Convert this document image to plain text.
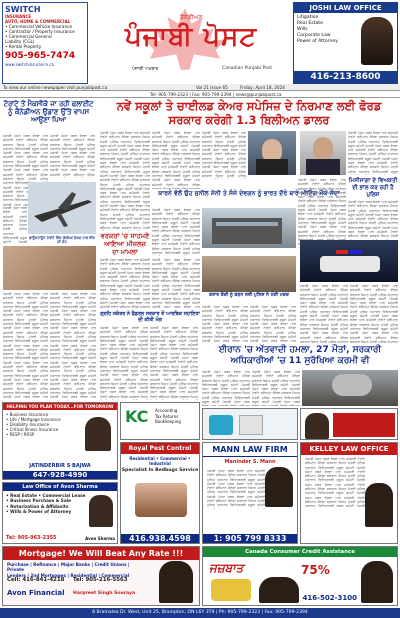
SWITCH
INSURANCE
AUTO, HOME & COMMERCIAL
• Commercial Vehicle Insurance
• Contractor / Property Insurance
• Commercial General
Liability (CGL)
• Rental Property
905-965-7474
www.switchinsurance.ca
ਕੈਨੇਡੀਅਨ
ਪੰਜਾਬੀ ਪੋਸਟ
ਪੰਜਾਬੀ ਅਖ਼ਬਾਰ	Canadian Punjabi Post
JOSHI LAW OFFICE
Litigation
Real Estate
Wills
Corporate Law
Power of Attorney
416-213-8600
To view our online newspaper visit punjabipost.ca	Vol 21 Issue 65	Friday, April 18, 2024
Tel: 905-799-2323 | Fax: 905-799-2394 | news@punjabipost.ca
ਟੋਰਾਂਟੋ ਤੋਂ ਮੈਕਸੀਕੋ ਜਾ ਰਹੀ ਫਲਾਈਟ ਨੂੰ ਕੈਨੇਡੀਅਨ ਉਡਾਣ ਉੱਤੇ ਵਾਪਸ ਆਉਣਾ ਪਿਆ
ਪੰਜਾਬੀ ਪੋਸਟ ਖ਼ਬਰ ਵੇਰਵਾ ਪਾਠ ਸਮੱਗਰੀ ਟੋਰਾਂਟੋ ਬਰੈਂਪਟਨ ਕੈਨੇਡਾ ਸਰਕਾਰ ਸਿਹਤ ਮੰਤਰੀ ਪੁਲਿਸ ਅਦਾਲਤ ਵਿਦਿਆਰਥੀ ਸਕੂਲ ਕਮੇਟੀ ਪੰਜਾਬੀ ਪੋਸਟ ਖ਼ਬਰ ਵੇਰਵਾ ਪਾਠ ਸਮੱਗਰੀ ਟੋਰਾਂਟੋ ਬਰੈਂਪਟਨ ਕੈਨੇਡਾ ਸਰਕਾਰ ਸਿਹਤ ਮੰਤਰੀ ਪੁਲਿਸ ਅਦਾਲਤ ਵਿਦਿਆਰਥੀ ਸਕੂਲ ਕਮੇਟੀ ਪੰਜਾਬੀ ਪੋਸਟ ਖ਼ਬਰ ਵੇਰਵਾ ਪਾਠ ਸਮੱਗਰੀ ਟੋਰਾਂਟੋ ਬਰੈਂਪਟਨ ਕੈਨੇਡਾ ਸਰਕਾਰ ਸਿਹਤ ਮੰਤਰੀ ਪੁਲਿਸ ਅਦਾਲਤ ਵਿਦਿਆਰਥੀ ਸਕੂਲ ਕਮੇਟੀ ਪੰਜਾਬੀ ਪੋਸਟ ਖ਼ਬਰ ਵੇਰਵਾ ਪਾਠ ਸਮੱਗਰੀ ਟੋਰਾਂਟੋ ਬਰੈਂਪਟਨ ਕੈਨੇਡਾ ਸਰਕਾਰ ਸਿਹਤ ਮੰਤਰੀ ਪੁਲਿਸ ਅਦਾਲਤ ਵਿਦਿਆਰਥੀ ਸਕੂਲ ਕਮੇਟੀ ਪੰਜਾਬੀ ਪੋਸਟ ਖ਼ਬਰ ਵੇਰਵਾ ਪਾਠ ਸਮੱਗਰੀ ਟੋਰਾਂਟੋ ਬਰੈਂਪਟਨ ਕੈਨੇਡਾ ਸਰਕਾਰ ਸਿਹਤ ਮੰਤਰੀ ਪੁਲਿਸ ਅਦਾਲਤ ਵਿਦਿਆਰਥੀ ਸਕੂਲ ਕਮੇਟੀ ਪੰਜਾਬੀ ਪੋਸਟ ਖ਼ਬਰ ਵੇਰਵਾ ਪਾਠ ਸਮੱਗਰੀ ਟੋਰਾਂਟੋ ਬਰੈਂਪਟਨ ਕੈਨੇਡਾ ਸਰਕਾਰ ਸਿਹਤ ਮੰਤਰੀ ਪੁਲਿਸ ਅਦਾਲਤ ਵਿਦਿਆਰਥੀ ਸਕੂਲ ਕਮੇਟੀ ਪੰਜਾਬੀ ਪੋਸਟ ਖ਼ਬਰ ਵੇਰਵਾ ਪਾਠ ਸਮੱਗਰੀ ਟੋਰਾਂਟੋ ਬਰੈਂਪਟਨ ਕੈਨੇਡਾ ਸਰਕਾਰ ਸਿਹਤ ਮੰਤਰੀ ਪੁਲਿਸ ਅਦਾਲਤ ਵਿਦਿਆਰਥੀ ਸਕੂਲ ਕਮੇਟੀ
ਪੰਜਾਬੀ ਪੋਸਟ ਖ਼ਬਰ ਵੇਰਵਾ ਪਾਠ ਸਮੱਗਰੀ ਟੋਰਾਂਟੋ ਬਰੈਂਪਟਨ ਕੈਨੇਡਾ ਸਰਕਾਰ ਸਿਹਤ ਮੰਤਰੀ ਪੁਲਿਸ ਅਦਾਲਤ ਵਿਦਿਆਰਥੀ ਸਕੂਲ ਕਮੇਟੀ ਪੰਜਾਬੀ ਪੋਸਟ ਖ਼ਬਰ ਵੇਰਵਾ ਪਾਠ ਸਮੱਗਰੀ ਟੋਰਾਂਟੋ ਬਰੈਂਪਟਨ ਕੈਨੇਡਾ ਸਰਕਾਰ ਸਿਹਤ ਮੰਤਰੀ ਪੁਲਿਸ ਅਦਾਲਤ ਵਿਦਿਆਰਥੀ ਸਕੂਲ ਕਮੇਟੀ ਪੰਜਾਬੀ ਪੋਸਟ ਖ਼ਬਰ ਵੇਰਵਾ ਪਾਠ ਸਮੱਗਰੀ ਟੋਰਾਂਟੋ ਬਰੈਂਪਟਨ ਕੈਨੇਡਾ ਸਰਕਾਰ ਸਿਹਤ ਮੰਤਰੀ ਪੁਲਿਸ ਅਦਾਲਤ ਵਿਦਿਆਰਥੀ ਸਕੂਲ ਕਮੇਟੀ ਪੰਜਾਬੀ ਪੋਸਟ ਖ਼ਬਰ ਵੇਰਵਾ ਪਾਠ ਸਮੱਗਰੀ ਟੋਰਾਂਟੋ ਬਰੈਂਪਟਨ ਕੈਨੇਡਾ ਸਰਕਾਰ ਸਿਹਤ ਮੰਤਰੀ ਪੁਲਿਸ ਅਦਾਲਤ ਵਿਦਿਆਰਥੀ ਸਕੂਲ ਕਮੇਟੀ ਪੰਜਾਬੀ ਪੋਸਟ ਖ਼ਬਰ ਵੇਰਵਾ ਪਾਠ ਸਮੱਗਰੀ ਟੋਰਾਂਟੋ ਬਰੈਂਪਟਨ ਕੈਨੇਡਾ ਸਰਕਾਰ ਸਿਹਤ ਮੰਤਰੀ ਪੁਲਿਸ ਅਦਾਲਤ ਵਿਦਿਆਰਥੀ ਸਕੂਲ ਕਮੇਟੀ ਪੰਜਾਬੀ ਪੋਸਟ ਖ਼ਬਰ ਵੇਰਵਾ ਪਾਠ ਸਮੱਗਰੀ ਟੋਰਾਂਟੋ ਬਰੈਂਪਟਨ ਕੈਨੇਡਾ ਸਰਕਾਰ ਸਿਹਤ ਮੰਤਰੀ ਪੁਲਿਸ ਅਦਾਲਤ ਵਿਦਿਆਰਥੀ ਸਕੂਲ ਕਮੇਟੀ ਪੰਜਾਬੀ ਪੋਸਟ ਖ਼ਬਰ ਵੇਰਵਾ ਪਾਠ ਸਮੱਗਰੀ ਟੋਰਾਂਟੋ ਬਰੈਂਪਟਨ ਕੈਨੇਡਾ ਸਰਕਾਰ ਸਿਹਤ ਮੰਤਰੀ ਪੁਲਿਸ ਅਦਾਲਤ ਵਿਦਿਆਰਥੀ ਸਕੂਲ ਕਮੇਟੀ
ਪੰਜਾਬੀ ਪੋਸਟ ਖ਼ਬਰ ਵੇਰਵਾ ਪਾਠ ਸਮੱਗਰੀ ਟੋਰਾਂਟੋ ਬਰੈਂਪਟਨ ਕੈਨੇਡਾ ਸਰਕਾਰ ਸਿਹਤ ਮੰਤਰੀ ਪੁਲਿਸ ਅਦਾਲਤ ਵਿਦਿਆਰਥੀ ਸਕੂਲ ਕਮੇਟੀ ਪੰਜਾਬੀ ਪੋਸਟ ਖ਼ਬਰ ਵੇਰਵਾ ਪਾਠ ਸਮੱਗਰੀ ਟੋਰਾਂਟੋ ਬਰੈਂਪਟਨ ਕੈਨੇਡਾ ਸਰਕਾਰ ਸਿਹਤ ਮੰਤਰੀ ਪੁਲਿਸ ਅਦਾਲਤ ਵਿਦਿਆਰਥੀ ਸਕੂਲ ਕਮੇਟੀ ਪੰਜਾਬੀ ਪੋਸਟ ਖ਼ਬਰ ਵੇਰਵਾ ਪਾਠ ਸਮੱਗਰੀ ਟੋਰਾਂਟੋ ਬਰੈਂਪਟਨ ਕੈਨੇਡਾ ਸਰਕਾਰ ਸਿਹਤ ਮੰਤਰੀ ਪੁਲਿਸ ਅਦਾਲਤ ਵਿਦਿਆਰਥੀ ਸਕੂਲ ਕਮੇਟੀ ਪੰਜਾਬੀ ਪੋਸਟ ਖ਼ਬਰ ਵੇਰਵਾ ਪਾਠ ਸਮੱਗਰੀ ਟੋਰਾਂਟੋ ਬਰੈਂਪਟਨ ਕੈਨੇਡਾ ਸਰਕਾਰ ਸਿਹਤ ਮੰਤਰੀ ਪੁਲਿਸ ਅਦਾਲਤ ਵਿਦਿਆਰਥੀ ਸਕੂਲ ਕਮੇਟੀ ਪੰਜਾਬੀ ਪੋਸਟ ਖ਼ਬਰ ਵੇਰਵਾ ਪਾਠ ਸਮੱਗਰੀ ਟੋਰਾਂਟੋ ਬਰੈਂਪਟਨ ਕੈਨੇਡਾ ਸਰਕਾਰ ਸਿਹਤ ਮੰਤਰੀ ਪੁਲਿਸ ਅਦਾਲਤ ਵਿਦਿਆਰਥੀ ਸਕੂਲ ਕਮੇਟੀ ਪੰਜਾਬੀ ਪੋਸਟ ਖ਼ਬਰ ਵੇਰਵਾ ਪਾਠ ਸਮੱਗਰੀ ਟੋਰਾਂਟੋ ਬਰੈਂਪਟਨ ਕੈਨੇਡਾ ਸਰਕਾਰ ਸਿਹਤ ਮੰਤਰੀ ਪੁਲਿਸ ਅਦਾਲਤ ਵਿਦਿਆਰਥੀ ਸਕੂਲ ਕਮੇਟੀ ਪੰਜਾਬੀ ਪੋਸਟ ਖ਼ਬਰ ਵੇਰਵਾ ਪਾਠ ਸਮੱਗਰੀ ਟੋਰਾਂਟੋ ਬਰੈਂਪਟਨ ਕੈਨੇਡਾ ਸਰਕਾਰ ਸਿਹਤ ਮੰਤਰੀ ਪੁਲਿਸ ਅਦਾਲਤ ਵਿਦਿਆਰਥੀ ਸਕੂਲ ਕਮੇਟੀ
ਡਾਊਨਟਾਊਨ ਟੋਰਾਂਟੋ ਵਿੱਚ ਗੋਲੀਆਂ ਚੱਲਣ ਨਾਲ ਇੱਕ ਦੀ ਮੌਤ
ਪੰਜਾਬੀ ਪੋਸਟ ਖ਼ਬਰ ਵੇਰਵਾ ਪਾਠ ਸਮੱਗਰੀ ਟੋਰਾਂਟੋ ਬਰੈਂਪਟਨ ਕੈਨੇਡਾ ਸਰਕਾਰ ਸਿਹਤ ਮੰਤਰੀ ਪੁਲਿਸ ਅਦਾਲਤ ਵਿਦਿਆਰਥੀ ਸਕੂਲ ਕਮੇਟੀ ਪੰਜਾਬੀ ਪੋਸਟ ਖ਼ਬਰ ਵੇਰਵਾ ਪਾਠ ਸਮੱਗਰੀ ਟੋਰਾਂਟੋ ਬਰੈਂਪਟਨ ਕੈਨੇਡਾ ਸਰਕਾਰ ਸਿਹਤ ਮੰਤਰੀ ਪੁਲਿਸ ਅਦਾਲਤ ਵਿਦਿਆਰਥੀ ਸਕੂਲ ਕਮੇਟੀ ਪੰਜਾਬੀ ਪੋਸਟ ਖ਼ਬਰ ਵੇਰਵਾ ਪਾਠ ਸਮੱਗਰੀ ਟੋਰਾਂਟੋ ਬਰੈਂਪਟਨ ਕੈਨੇਡਾ ਸਰਕਾਰ ਸਿਹਤ ਮੰਤਰੀ ਪੁਲਿਸ ਅਦਾਲਤ ਵਿਦਿਆਰਥੀ ਸਕੂਲ ਕਮੇਟੀ ਪੰਜਾਬੀ ਪੋਸਟ ਖ਼ਬਰ ਵੇਰਵਾ ਪਾਠ ਸਮੱਗਰੀ ਟੋਰਾਂਟੋ ਬਰੈਂਪਟਨ ਕੈਨੇਡਾ ਸਰਕਾਰ ਸਿਹਤ ਮੰਤਰੀ ਪੁਲਿਸ ਅਦਾਲਤ ਵਿਦਿਆਰਥੀ ਸਕੂਲ ਕਮੇਟੀ ਪੰਜਾਬੀ ਪੋਸਟ ਖ਼ਬਰ ਵੇਰਵਾ ਪਾਠ ਸਮੱਗਰੀ ਟੋਰਾਂਟੋ ਬਰੈਂਪਟਨ ਕੈਨੇਡਾ ਸਰਕਾਰ ਸਿਹਤ ਮੰਤਰੀ ਪੁਲਿਸ ਅਦਾਲਤ ਵਿਦਿਆਰਥੀ ਸਕੂਲ ਕਮੇਟੀ ਪੰਜਾਬੀ ਪੋਸਟ ਖ਼ਬਰ ਵੇਰਵਾ ਪਾਠ ਸਮੱਗਰੀ ਟੋਰਾਂਟੋ ਬਰੈਂਪਟਨ ਕੈਨੇਡਾ ਸਰਕਾਰ ਸਿਹਤ ਮੰਤਰੀ ਪੁਲਿਸ ਅਦਾਲਤ ਵਿਦਿਆਰਥੀ ਸਕੂਲ ਕਮੇਟੀ ਪੰਜਾਬੀ ਪੋਸਟ ਖ਼ਬਰ ਵੇਰਵਾ ਪਾਠ ਸਮੱਗਰੀ ਟੋਰਾਂਟੋ ਬਰੈਂਪਟਨ ਕੈਨੇਡਾ ਸਰਕਾਰ ਸਿਹਤ ਮੰਤਰੀ ਪੁਲਿਸ ਅਦਾਲਤ ਵਿਦਿਆਰਥੀ ਸਕੂਲ ਕਮੇਟੀ
ਪੰਜਾਬੀ ਪੋਸਟ ਖ਼ਬਰ ਵੇਰਵਾ ਪਾਠ ਸਮੱਗਰੀ ਟੋਰਾਂਟੋ ਬਰੈਂਪਟਨ ਕੈਨੇਡਾ ਸਰਕਾਰ ਸਿਹਤ ਮੰਤਰੀ ਪੁਲਿਸ ਅਦਾਲਤ ਵਿਦਿਆਰਥੀ ਸਕੂਲ ਕਮੇਟੀ ਪੰਜਾਬੀ ਪੋਸਟ ਖ਼ਬਰ ਵੇਰਵਾ ਪਾਠ ਸਮੱਗਰੀ ਟੋਰਾਂਟੋ ਬਰੈਂਪਟਨ ਕੈਨੇਡਾ ਸਰਕਾਰ ਸਿਹਤ ਮੰਤਰੀ ਪੁਲਿਸ ਅਦਾਲਤ ਵਿਦਿਆਰਥੀ ਸਕੂਲ ਕਮੇਟੀ ਪੰਜਾਬੀ ਪੋਸਟ ਖ਼ਬਰ ਵੇਰਵਾ ਪਾਠ ਸਮੱਗਰੀ ਟੋਰਾਂਟੋ ਬਰੈਂਪਟਨ ਕੈਨੇਡਾ ਸਰਕਾਰ ਸਿਹਤ ਮੰਤਰੀ ਪੁਲਿਸ ਅਦਾਲਤ ਵਿਦਿਆਰਥੀ ਸਕੂਲ ਕਮੇਟੀ ਪੰਜਾਬੀ ਪੋਸਟ ਖ਼ਬਰ ਵੇਰਵਾ ਪਾਠ ਸਮੱਗਰੀ ਟੋਰਾਂਟੋ ਬਰੈਂਪਟਨ ਕੈਨੇਡਾ ਸਰਕਾਰ ਸਿਹਤ ਮੰਤਰੀ ਪੁਲਿਸ ਅਦਾਲਤ ਵਿਦਿਆਰਥੀ ਸਕੂਲ ਕਮੇਟੀ ਪੰਜਾਬੀ ਪੋਸਟ ਖ਼ਬਰ ਵੇਰਵਾ ਪਾਠ ਸਮੱਗਰੀ ਟੋਰਾਂਟੋ ਬਰੈਂਪਟਨ ਕੈਨੇਡਾ ਸਰਕਾਰ ਸਿਹਤ ਮੰਤਰੀ ਪੁਲਿਸ ਅਦਾਲਤ ਵਿਦਿਆਰਥੀ ਸਕੂਲ ਕਮੇਟੀ ਪੰਜਾਬੀ ਪੋਸਟ ਖ਼ਬਰ ਵੇਰਵਾ ਪਾਠ ਸਮੱਗਰੀ ਟੋਰਾਂਟੋ ਬਰੈਂਪਟਨ ਕੈਨੇਡਾ ਸਰਕਾਰ ਸਿਹਤ ਮੰਤਰੀ ਪੁਲਿਸ ਅਦਾਲਤ ਵਿਦਿਆਰਥੀ ਸਕੂਲ ਕਮੇਟੀ ਪੰਜਾਬੀ ਪੋਸਟ ਖ਼ਬਰ ਵੇਰਵਾ ਪਾਠ ਸਮੱਗਰੀ ਟੋਰਾਂਟੋ ਬਰੈਂਪਟਨ ਕੈਨੇਡਾ ਸਰਕਾਰ ਸਿਹਤ ਮੰਤਰੀ ਪੁਲਿਸ ਅਦਾਲਤ ਵਿਦਿਆਰਥੀ ਸਕੂਲ ਕਮੇਟੀ
ਨਵੇਂ ਸਕੂਲਾਂ ਤੇ ਚਾਈਲਡ ਕੇਅਰ ਸਪੇਸਿਜ਼ ਦੇ ਨਿਰਮਾਣ ਲਈ ਫੋਰਡ ਸਰਕਾਰ ਕਰੇਗੀ 1.3 ਬਿਲੀਅਨ ਡਾਲਰ
ਪੰਜਾਬੀ ਪੋਸਟ ਖ਼ਬਰ ਵੇਰਵਾ ਪਾਠ ਸਮੱਗਰੀ ਟੋਰਾਂਟੋ ਬਰੈਂਪਟਨ ਕੈਨੇਡਾ ਸਰਕਾਰ ਸਿਹਤ ਮੰਤਰੀ ਪੁਲਿਸ ਅਦਾਲਤ ਵਿਦਿਆਰਥੀ ਸਕੂਲ ਕਮੇਟੀ ਪੰਜਾਬੀ ਪੋਸਟ ਖ਼ਬਰ ਵੇਰਵਾ ਪਾਠ ਸਮੱਗਰੀ ਟੋਰਾਂਟੋ ਬਰੈਂਪਟਨ ਕੈਨੇਡਾ ਸਰਕਾਰ ਸਿਹਤ ਮੰਤਰੀ ਪੁਲਿਸ ਅਦਾਲਤ ਵਿਦਿਆਰਥੀ ਸਕੂਲ ਕਮੇਟੀ ਪੰਜਾਬੀ ਪੋਸਟ ਖ਼ਬਰ ਵੇਰਵਾ ਪਾਠ ਸਮੱਗਰੀ ਟੋਰਾਂਟੋ ਬਰੈਂਪਟਨ ਕੈਨੇਡਾ ਸਰਕਾਰ ਸਿਹਤ ਮੰਤਰੀ ਪੁਲਿਸ ਅਦਾਲਤ ਵਿਦਿਆਰਥੀ ਸਕੂਲ ਕਮੇਟੀ ਪੰਜਾਬੀ ਪੋਸਟ ਖ਼ਬਰ ਵੇਰਵਾ ਪਾਠ ਸਮੱਗਰੀ ਟੋਰਾਂਟੋ ਬਰੈਂਪਟਨ ਕੈਨੇਡਾ ਸਰਕਾਰ ਸਿਹਤ ਮੰਤਰੀ ਪੁਲਿਸ ਅਦਾਲਤ ਵਿਦਿਆਰਥੀ ਸਕੂਲ ਕਮੇਟੀ ਪੰਜਾਬੀ ਪੋਸਟ ਖ਼ਬਰ ਵੇਰਵਾ ਪਾਠ ਸਮੱਗਰੀ ਟੋਰਾਂਟੋ ਬਰੈਂਪਟਨ ਕੈਨੇਡਾ ਸਰਕਾਰ ਸਿਹਤ ਮੰਤਰੀ ਪੁਲਿਸ ਅਦਾਲਤ ਵਿਦਿਆਰਥੀ ਸਕੂਲ ਕਮੇਟੀ ਪੰਜਾਬੀ ਪੋਸਟ ਖ਼ਬਰ ਵੇਰਵਾ ਪਾਠ ਸਮੱਗਰੀ ਟੋਰਾਂਟੋ ਬਰੈਂਪਟਨ ਕੈਨੇਡਾ ਸਰਕਾਰ ਸਿਹਤ ਮੰਤਰੀ ਪੁਲਿਸ ਅਦਾਲਤ ਵਿਦਿਆਰਥੀ ਸਕੂਲ ਕਮੇਟੀ ਪੰਜਾਬੀ ਪੋਸਟ ਖ਼ਬਰ ਵੇਰਵਾ ਪਾਠ ਸਮੱਗਰੀ ਟੋਰਾਂਟੋ ਬਰੈਂਪਟਨ ਕੈਨੇਡਾ ਸਰਕਾਰ ਸਿਹਤ ਮੰਤਰੀ ਪੁਲਿਸ ਅਦਾਲਤ ਵਿਦਿਆਰਥੀ ਸਕੂਲ ਕਮੇਟੀ
ਪੰਜਾਬੀ ਪੋਸਟ ਖ਼ਬਰ ਵੇਰਵਾ ਪਾਠ ਸਮੱਗਰੀ ਟੋਰਾਂਟੋ ਬਰੈਂਪਟਨ ਕੈਨੇਡਾ ਸਰਕਾਰ ਸਿਹਤ ਮੰਤਰੀ ਪੁਲਿਸ ਅਦਾਲਤ ਵਿਦਿਆਰਥੀ ਸਕੂਲ ਕਮੇਟੀ ਪੰਜਾਬੀ ਪੋਸਟ ਖ਼ਬਰ ਵੇਰਵਾ ਪਾਠ ਸਮੱਗਰੀ ਟੋਰਾਂਟੋ ਬਰੈਂਪਟਨ ਕੈਨੇਡਾ ਸਰਕਾਰ ਸਿਹਤ ਮੰਤਰੀ ਪੁਲਿਸ ਅਦਾਲਤ ਵਿਦਿਆਰਥੀ ਸਕੂਲ ਕਮੇਟੀ ਪੰਜਾਬੀ ਪੋਸਟ ਖ਼ਬਰ ਵੇਰਵਾ ਪਾਠ ਸਮੱਗਰੀ ਟੋਰਾਂਟੋ ਬਰੈਂਪਟਨ ਕੈਨੇਡਾ ਸਰਕਾਰ ਸਿਹਤ ਮੰਤਰੀ ਪੁਲਿਸ ਅਦਾਲਤ ਵਿਦਿਆਰਥੀ ਸਕੂਲ ਕਮੇਟੀ ਪੰਜਾਬੀ ਪੋਸਟ ਖ਼ਬਰ ਵੇਰਵਾ ਪਾਠ ਸਮੱਗਰੀ ਟੋਰਾਂਟੋ ਬਰੈਂਪਟਨ ਕੈਨੇਡਾ ਸਰਕਾਰ ਸਿਹਤ ਮੰਤਰੀ ਪੁਲਿਸ ਅਦਾਲਤ ਵਿਦਿਆਰਥੀ ਸਕੂਲ ਕਮੇਟੀ ਪੰਜਾਬੀ ਪੋਸਟ ਖ਼ਬਰ ਵੇਰਵਾ ਪਾਠ ਸਮੱਗਰੀ ਟੋਰਾਂਟੋ ਬਰੈਂਪਟਨ ਕੈਨੇਡਾ ਸਰਕਾਰ ਸਿਹਤ ਮੰਤਰੀ ਪੁਲਿਸ ਅਦਾਲਤ ਵਿਦਿਆਰਥੀ ਸਕੂਲ ਕਮੇਟੀ ਪੰਜਾਬੀ ਪੋਸਟ ਖ਼ਬਰ ਵੇਰਵਾ ਪਾਠ ਸਮੱਗਰੀ ਟੋਰਾਂਟੋ ਬਰੈਂਪਟਨ ਕੈਨੇਡਾ ਸਰਕਾਰ ਸਿਹਤ ਮੰਤਰੀ ਪੁਲਿਸ ਅਦਾਲਤ ਵਿਦਿਆਰਥੀ ਸਕੂਲ ਕਮੇਟੀ ਪੰਜਾਬੀ ਪੋਸਟ ਖ਼ਬਰ ਵੇਰਵਾ ਪਾਠ ਸਮੱਗਰੀ ਟੋਰਾਂਟੋ ਬਰੈਂਪਟਨ ਕੈਨੇਡਾ ਸਰਕਾਰ ਸਿਹਤ ਮੰਤਰੀ ਪੁਲਿਸ ਅਦਾਲਤ ਵਿਦਿਆਰਥੀ ਸਕੂਲ ਕਮੇਟੀ
ਪੰਜਾਬੀ ਪੋਸਟ ਖ਼ਬਰ ਵੇਰਵਾ ਪਾਠ ਸਮੱਗਰੀ ਟੋਰਾਂਟੋ ਬਰੈਂਪਟਨ ਕੈਨੇਡਾ ਸਰਕਾਰ ਸਿਹਤ ਮੰਤਰੀ ਪੁਲਿਸ ਅਦਾਲਤ ਵਿਦਿਆਰਥੀ ਸਕੂਲ ਕਮੇਟੀ ਪੰਜਾਬੀ ਪੋਸਟ ਖ਼ਬਰ ਵੇਰਵਾ ਪਾਠ ਸਮੱਗਰੀ ਟੋਰਾਂਟੋ ਬਰੈਂਪਟਨ ਕੈਨੇਡਾ ਸਰਕਾਰ ਸਿਹਤ ਮੰਤਰੀ ਪੁਲਿਸ ਅਦਾਲਤ ਵਿਦਿਆਰਥੀ ਸਕੂਲ ਕਮੇਟੀ ਪੰਜਾਬੀ ਪੋਸਟ ਖ਼ਬਰ ਵੇਰਵਾ ਪਾਠ ਸਮੱਗਰੀ ਟੋਰਾਂਟੋ ਬਰੈਂਪਟਨ ਕੈਨੇਡਾ ਸਰਕਾਰ ਸਿਹਤ ਮੰਤਰੀ ਪੁਲਿਸ ਅਦਾਲਤ ਵਿਦਿਆਰਥੀ ਸਕੂਲ ਕਮੇਟੀ ਪੰਜਾਬੀ ਪੋਸਟ ਖ਼ਬਰ ਵੇਰਵਾ ਪਾਠ ਸਮੱਗਰੀ ਟੋਰਾਂਟੋ ਬਰੈਂਪਟਨ ਕੈਨੇਡਾ ਸਰਕਾਰ ਸਿਹਤ ਮੰਤਰੀ ਪੁਲਿਸ ਅਦਾਲਤ ਵਿਦਿਆਰਥੀ ਸਕੂਲ ਕਮੇਟੀ ਪੰਜਾਬੀ ਪੋਸਟ ਖ਼ਬਰ ਵੇਰਵਾ ਪਾਠ ਸਮੱਗਰੀ ਟੋਰਾਂਟੋ ਬਰੈਂਪਟਨ ਕੈਨੇਡਾ ਸਰਕਾਰ ਸਿਹਤ ਮੰਤਰੀ ਪੁਲਿਸ ਅਦਾਲਤ ਵਿਦਿਆਰਥੀ ਸਕੂਲ ਕਮੇਟੀ ਪੰਜਾਬੀ ਪੋਸਟ ਖ਼ਬਰ ਵੇਰਵਾ ਪਾਠ ਸਮੱਗਰੀ ਟੋਰਾਂਟੋ ਬਰੈਂਪਟਨ ਕੈਨੇਡਾ ਸਰਕਾਰ ਸਿਹਤ ਮੰਤਰੀ ਪੁਲਿਸ ਅਦਾਲਤ ਵਿਦਿਆਰਥੀ ਸਕੂਲ ਕਮੇਟੀ ਪੰਜਾਬੀ ਪੋਸਟ ਖ਼ਬਰ ਵੇਰਵਾ ਪਾਠ ਸਮੱਗਰੀ ਟੋਰਾਂਟੋ ਬਰੈਂਪਟਨ ਕੈਨੇਡਾ ਸਰਕਾਰ ਸਿਹਤ ਮੰਤਰੀ ਪੁਲਿਸ ਅਦਾਲਤ ਵਿਦਿਆਰਥੀ ਸਕੂਲ ਕਮੇਟੀ
ਪੰਜਾਬੀ ਪੋਸਟ ਖ਼ਬਰ ਵੇਰਵਾ ਪਾਠ ਸਮੱਗਰੀ ਟੋਰਾਂਟੋ ਬਰੈਂਪਟਨ ਕੈਨੇਡਾ ਸਰਕਾਰ ਸਿਹਤ ਮੰਤਰੀ ਪੁਲਿਸ ਅਦਾਲਤ ਵਿਦਿਆਰਥੀ ਸਕੂਲ ਕਮੇਟੀ ਪੰਜਾਬੀ ਪੋਸਟ ਖ਼ਬਰ ਵੇਰਵਾ ਪਾਠ ਸਮੱਗਰੀ ਟੋਰਾਂਟੋ ਬਰੈਂਪਟਨ ਕੈਨੇਡਾ ਸਰਕਾਰ ਸਿਹਤ ਮੰਤਰੀ ਪੁਲਿਸ ਅਦਾਲਤ ਵਿਦਿਆਰਥੀ ਸਕੂਲ ਕਮੇਟੀ ਪੰਜਾਬੀ ਪੋਸਟ ਖ਼ਬਰ ਵੇਰਵਾ ਪਾਠ ਸਮੱਗਰੀ ਟੋਰਾਂਟੋ ਬਰੈਂਪਟਨ ਕੈਨੇਡਾ ਸਰਕਾਰ ਸਿਹਤ ਮੰਤਰੀ ਪੁਲਿਸ ਅਦਾਲਤ ਵਿਦਿਆਰਥੀ ਸਕੂਲ ਕਮੇਟੀ ਪੰਜਾਬੀ ਪੋਸਟ ਖ਼ਬਰ ਵੇਰਵਾ ਪਾਠ ਸਮੱਗਰੀ ਟੋਰਾਂਟੋ ਬਰੈਂਪਟਨ ਕੈਨੇਡਾ ਸਰਕਾਰ ਸਿਹਤ ਮੰਤਰੀ ਪੁਲਿਸ ਅਦਾਲਤ ਵਿਦਿਆਰਥੀ ਸਕੂਲ ਕਮੇਟੀ ਪੰਜਾਬੀ ਪੋਸਟ ਖ਼ਬਰ ਵੇਰਵਾ ਪਾਠ ਸਮੱਗਰੀ ਟੋਰਾਂਟੋ ਬਰੈਂਪਟਨ ਕੈਨੇਡਾ ਸਰਕਾਰ ਸਿਹਤ ਮੰਤਰੀ ਪੁਲਿਸ ਅਦਾਲਤ ਵਿਦਿਆਰਥੀ ਸਕੂਲ ਕਮੇਟੀ ਪੰਜਾਬੀ ਪੋਸਟ ਖ਼ਬਰ ਵੇਰਵਾ ਪਾਠ ਸਮੱਗਰੀ ਟੋਰਾਂਟੋ ਬਰੈਂਪਟਨ ਕੈਨੇਡਾ ਸਰਕਾਰ ਸਿਹਤ ਮੰਤਰੀ ਪੁਲਿਸ ਅਦਾਲਤ ਵਿਦਿਆਰਥੀ ਸਕੂਲ ਕਮੇਟੀ ਪੰਜਾਬੀ ਪੋਸਟ ਖ਼ਬਰ ਵੇਰਵਾ ਪਾਠ ਸਮੱਗਰੀ ਟੋਰਾਂਟੋ ਬਰੈਂਪਟਨ ਕੈਨੇਡਾ ਸਰਕਾਰ ਸਿਹਤ ਮੰਤਰੀ ਪੁਲਿਸ ਅਦਾਲਤ ਵਿਦਿਆਰਥੀ ਸਕੂਲ ਕਮੇਟੀ
ਕਾਰਨੇ ਵੱਲੋਂ ਉਹ ਸੁਨੀਲ ਸੋਨੀ ਤੇ ਸੰਜੇ ਦੇਵਗਨ ਨੂੰ ਭਾਰਤ ਦੌਰੇ ਬਾਰੇ ਮੀਟਿੰਗ ਮੌਕੇ ਸੱਦਾ
ਪੰਜਾਬੀ ਪੋਸਟ ਖ਼ਬਰ ਵੇਰਵਾ ਪਾਠ ਸਮੱਗਰੀ ਟੋਰਾਂਟੋ ਬਰੈਂਪਟਨ ਕੈਨੇਡਾ ਸਰਕਾਰ ਸਿਹਤ ਮੰਤਰੀ ਪੁਲਿਸ ਅਦਾਲਤ ਵਿਦਿਆਰਥੀ ਸਕੂਲ ਕਮੇਟੀ ਪੰਜਾਬੀ ਪੋਸਟ ਖ਼ਬਰ ਵੇਰਵਾ ਪਾਠ ਸਮੱਗਰੀ ਟੋਰਾਂਟੋ ਬਰੈਂਪਟਨ ਕੈਨੇਡਾ ਸਰਕਾਰ ਸਿਹਤ ਮੰਤਰੀ ਪੁਲਿਸ ਅਦਾਲਤ ਵਿਦਿਆਰਥੀ ਸਕੂਲ ਕਮੇਟੀ ਪੰਜਾਬੀ ਪੋਸਟ ਖ਼ਬਰ ਵੇਰਵਾ ਪਾਠ ਸਮੱਗਰੀ ਟੋਰਾਂਟੋ ਬਰੈਂਪਟਨ ਕੈਨੇਡਾ ਸਰਕਾਰ ਸਿਹਤ ਮੰਤਰੀ ਪੁਲਿਸ ਅਦਾਲਤ ਵਿਦਿਆਰਥੀ ਸਕੂਲ ਕਮੇਟੀ ਪੰਜਾਬੀ ਪੋਸਟ ਖ਼ਬਰ ਵੇਰਵਾ ਪਾਠ ਸਮੱਗਰੀ ਟੋਰਾਂਟੋ ਬਰੈਂਪਟਨ ਕੈਨੇਡਾ ਸਰਕਾਰ ਸਿਹਤ ਮੰਤਰੀ ਪੁਲਿਸ ਅਦਾਲਤ ਵਿਦਿਆਰਥੀ ਸਕੂਲ ਕਮੇਟੀ ਪੰਜਾਬੀ ਪੋਸਟ ਖ਼ਬਰ ਵੇਰਵਾ ਪਾਠ ਸਮੱਗਰੀ ਟੋਰਾਂਟੋ ਬਰੈਂਪਟਨ ਕੈਨੇਡਾ ਸਰਕਾਰ ਸਿਹਤ ਮੰਤਰੀ ਪੁਲਿਸ ਅਦਾਲਤ ਵਿਦਿਆਰਥੀ ਸਕੂਲ ਕਮੇਟੀ ਪੰਜਾਬੀ ਪੋਸਟ ਖ਼ਬਰ ਵੇਰਵਾ ਪਾਠ ਸਮੱਗਰੀ ਟੋਰਾਂਟੋ ਬਰੈਂਪਟਨ ਕੈਨੇਡਾ ਸਰਕਾਰ ਸਿਹਤ ਮੰਤਰੀ ਪੁਲਿਸ ਅਦਾਲਤ ਵਿਦਿਆਰਥੀ ਸਕੂਲ ਕਮੇਟੀ ਪੰਜਾਬੀ ਪੋਸਟ ਖ਼ਬਰ ਵੇਰਵਾ ਪਾਠ ਸਮੱਗਰੀ ਟੋਰਾਂਟੋ ਬਰੈਂਪਟਨ ਕੈਨੇਡਾ ਸਰਕਾਰ ਸਿਹਤ ਮੰਤਰੀ ਪੁਲਿਸ ਅਦਾਲਤ ਵਿਦਿਆਰਥੀ ਸਕੂਲ ਕਮੇਟੀ
ਪੰਜਾਬੀ ਪੋਸਟ ਖ਼ਬਰ ਵੇਰਵਾ ਪਾਠ ਸਮੱਗਰੀ ਟੋਰਾਂਟੋ ਬਰੈਂਪਟਨ ਕੈਨੇਡਾ ਸਰਕਾਰ ਸਿਹਤ ਮੰਤਰੀ ਪੁਲਿਸ ਅਦਾਲਤ ਵਿਦਿਆਰਥੀ ਸਕੂਲ ਕਮੇਟੀ ਪੰਜਾਬੀ ਪੋਸਟ ਖ਼ਬਰ ਵੇਰਵਾ ਪਾਠ ਸਮੱਗਰੀ ਟੋਰਾਂਟੋ ਬਰੈਂਪਟਨ ਕੈਨੇਡਾ ਸਰਕਾਰ ਸਿਹਤ ਮੰਤਰੀ ਪੁਲਿਸ ਅਦਾਲਤ ਵਿਦਿਆਰਥੀ ਸਕੂਲ ਕਮੇਟੀ ਪੰਜਾਬੀ ਪੋਸਟ ਖ਼ਬਰ ਵੇਰਵਾ ਪਾਠ ਸਮੱਗਰੀ ਟੋਰਾਂਟੋ ਬਰੈਂਪਟਨ ਕੈਨੇਡਾ ਸਰਕਾਰ ਸਿਹਤ ਮੰਤਰੀ ਪੁਲਿਸ ਅਦਾਲਤ ਵਿਦਿਆਰਥੀ ਸਕੂਲ ਕਮੇਟੀ ਪੰਜਾਬੀ ਪੋਸਟ ਖ਼ਬਰ ਵੇਰਵਾ ਪਾਠ ਸਮੱਗਰੀ ਟੋਰਾਂਟੋ ਬਰੈਂਪਟਨ ਕੈਨੇਡਾ ਸਰਕਾਰ ਸਿਹਤ ਮੰਤਰੀ ਪੁਲਿਸ ਅਦਾਲਤ ਵਿਦਿਆਰਥੀ ਸਕੂਲ ਕਮੇਟੀ ਪੰਜਾਬੀ ਪੋਸਟ ਖ਼ਬਰ ਵੇਰਵਾ ਪਾਠ ਸਮੱਗਰੀ ਟੋਰਾਂਟੋ ਬਰੈਂਪਟਨ ਕੈਨੇਡਾ ਸਰਕਾਰ ਸਿਹਤ ਮੰਤਰੀ ਪੁਲਿਸ ਅਦਾਲਤ ਵਿਦਿਆਰਥੀ ਸਕੂਲ ਕਮੇਟੀ ਪੰਜਾਬੀ ਪੋਸਟ ਖ਼ਬਰ ਵੇਰਵਾ ਪਾਠ ਸਮੱਗਰੀ ਟੋਰਾਂਟੋ ਬਰੈਂਪਟਨ ਕੈਨੇਡਾ ਸਰਕਾਰ ਸਿਹਤ ਮੰਤਰੀ ਪੁਲਿਸ ਅਦਾਲਤ ਵਿਦਿਆਰਥੀ ਸਕੂਲ ਕਮੇਟੀ ਪੰਜਾਬੀ ਪੋਸਟ ਖ਼ਬਰ ਵੇਰਵਾ ਪਾਠ ਸਮੱਗਰੀ ਟੋਰਾਂਟੋ ਬਰੈਂਪਟਨ ਕੈਨੇਡਾ ਸਰਕਾਰ ਸਿਹਤ ਮੰਤਰੀ ਪੁਲਿਸ ਅਦਾਲਤ ਵਿਦਿਆਰਥੀ ਸਕੂਲ ਕਮੇਟੀ
ਵਰਕਰਾਂ 'ਚ ਸਾਹਮਣੇ ਆਇਆ ਮੀਜ਼ਲਜ਼ ਦਾ ਮਾਮਲਾ
ਪੰਜਾਬੀ ਪੋਸਟ ਖ਼ਬਰ ਵੇਰਵਾ ਪਾਠ ਸਮੱਗਰੀ ਟੋਰਾਂਟੋ ਬਰੈਂਪਟਨ ਕੈਨੇਡਾ ਸਰਕਾਰ ਸਿਹਤ ਮੰਤਰੀ ਪੁਲਿਸ ਅਦਾਲਤ ਵਿਦਿਆਰਥੀ ਸਕੂਲ ਕਮੇਟੀ ਪੰਜਾਬੀ ਪੋਸਟ ਖ਼ਬਰ ਵੇਰਵਾ ਪਾਠ ਸਮੱਗਰੀ ਟੋਰਾਂਟੋ ਬਰੈਂਪਟਨ ਕੈਨੇਡਾ ਸਰਕਾਰ ਸਿਹਤ ਮੰਤਰੀ ਪੁਲਿਸ ਅਦਾਲਤ ਵਿਦਿਆਰਥੀ ਸਕੂਲ ਕਮੇਟੀ ਪੰਜਾਬੀ ਪੋਸਟ ਖ਼ਬਰ ਵੇਰਵਾ ਪਾਠ ਸਮੱਗਰੀ ਟੋਰਾਂਟੋ ਬਰੈਂਪਟਨ ਕੈਨੇਡਾ ਸਰਕਾਰ ਸਿਹਤ ਮੰਤਰੀ ਪੁਲਿਸ ਅਦਾਲਤ ਵਿਦਿਆਰਥੀ ਸਕੂਲ ਕਮੇਟੀ ਪੰਜਾਬੀ ਪੋਸਟ ਖ਼ਬਰ ਵੇਰਵਾ ਪਾਠ ਸਮੱਗਰੀ ਟੋਰਾਂਟੋ ਬਰੈਂਪਟਨ ਕੈਨੇਡਾ ਸਰਕਾਰ ਸਿਹਤ ਮੰਤਰੀ ਪੁਲਿਸ ਅਦਾਲਤ ਵਿਦਿਆਰਥੀ ਸਕੂਲ ਕਮੇਟੀ ਪੰਜਾਬੀ ਪੋਸਟ ਖ਼ਬਰ ਵੇਰਵਾ ਪਾਠ ਸਮੱਗਰੀ ਟੋਰਾਂਟੋ ਬਰੈਂਪਟਨ ਕੈਨੇਡਾ ਸਰਕਾਰ ਸਿਹਤ ਮੰਤਰੀ ਪੁਲਿਸ ਅਦਾਲਤ ਵਿਦਿਆਰਥੀ ਸਕੂਲ ਕਮੇਟੀ ਪੰਜਾਬੀ ਪੋਸਟ ਖ਼ਬਰ ਵੇਰਵਾ ਪਾਠ ਸਮੱਗਰੀ ਟੋਰਾਂਟੋ ਬਰੈਂਪਟਨ ਕੈਨੇਡਾ ਸਰਕਾਰ ਸਿਹਤ ਮੰਤਰੀ ਪੁਲਿਸ ਅਦਾਲਤ ਵਿਦਿਆਰਥੀ ਸਕੂਲ ਕਮੇਟੀ ਪੰਜਾਬੀ ਪੋਸਟ ਖ਼ਬਰ ਵੇਰਵਾ ਪਾਠ ਸਮੱਗਰੀ ਟੋਰਾਂਟੋ ਬਰੈਂਪਟਨ ਕੈਨੇਡਾ ਸਰਕਾਰ ਸਿਹਤ ਮੰਤਰੀ ਪੁਲਿਸ ਅਦਾਲਤ ਵਿਦਿਆਰਥੀ ਸਕੂਲ ਕਮੇਟੀ
ਪੰਜਾਬੀ ਪੋਸਟ ਖ਼ਬਰ ਵੇਰਵਾ ਪਾਠ ਸਮੱਗਰੀ ਟੋਰਾਂਟੋ ਬਰੈਂਪਟਨ ਕੈਨੇਡਾ ਸਰਕਾਰ ਸਿਹਤ ਮੰਤਰੀ ਪੁਲਿਸ ਅਦਾਲਤ ਵਿਦਿਆਰਥੀ ਸਕੂਲ ਕਮੇਟੀ ਪੰਜਾਬੀ ਪੋਸਟ ਖ਼ਬਰ ਵੇਰਵਾ ਪਾਠ ਸਮੱਗਰੀ ਟੋਰਾਂਟੋ ਬਰੈਂਪਟਨ ਕੈਨੇਡਾ ਸਰਕਾਰ ਸਿਹਤ ਮੰਤਰੀ ਪੁਲਿਸ ਅਦਾਲਤ ਵਿਦਿਆਰਥੀ ਸਕੂਲ ਕਮੇਟੀ ਪੰਜਾਬੀ ਪੋਸਟ ਖ਼ਬਰ ਵੇਰਵਾ ਪਾਠ ਸਮੱਗਰੀ ਟੋਰਾਂਟੋ ਬਰੈਂਪਟਨ ਕੈਨੇਡਾ ਸਰਕਾਰ ਸਿਹਤ ਮੰਤਰੀ ਪੁਲਿਸ ਅਦਾਲਤ ਵਿਦਿਆਰਥੀ ਸਕੂਲ ਕਮੇਟੀ ਪੰਜਾਬੀ ਪੋਸਟ ਖ਼ਬਰ ਵੇਰਵਾ ਪਾਠ ਸਮੱਗਰੀ ਟੋਰਾਂਟੋ ਬਰੈਂਪਟਨ ਕੈਨੇਡਾ ਸਰਕਾਰ ਸਿਹਤ ਮੰਤਰੀ ਪੁਲਿਸ ਅਦਾਲਤ ਵਿਦਿਆਰਥੀ ਸਕੂਲ ਕਮੇਟੀ ਪੰਜਾਬੀ ਪੋਸਟ ਖ਼ਬਰ ਵੇਰਵਾ ਪਾਠ ਸਮੱਗਰੀ ਟੋਰਾਂਟੋ ਬਰੈਂਪਟਨ ਕੈਨੇਡਾ ਸਰਕਾਰ ਸਿਹਤ ਮੰਤਰੀ ਪੁਲਿਸ ਅਦਾਲਤ ਵਿਦਿਆਰਥੀ ਸਕੂਲ ਕਮੇਟੀ ਪੰਜਾਬੀ ਪੋਸਟ ਖ਼ਬਰ ਵੇਰਵਾ ਪਾਠ ਸਮੱਗਰੀ ਟੋਰਾਂਟੋ ਬਰੈਂਪਟਨ ਕੈਨੇਡਾ ਸਰਕਾਰ ਸਿਹਤ ਮੰਤਰੀ ਪੁਲਿਸ ਅਦਾਲਤ ਵਿਦਿਆਰਥੀ ਸਕੂਲ ਕਮੇਟੀ ਪੰਜਾਬੀ ਪੋਸਟ ਖ਼ਬਰ ਵੇਰਵਾ ਪਾਠ ਸਮੱਗਰੀ ਟੋਰਾਂਟੋ ਬਰੈਂਪਟਨ ਕੈਨੇਡਾ ਸਰਕਾਰ ਸਿਹਤ ਮੰਤਰੀ ਪੁਲਿਸ ਅਦਾਲਤ ਵਿਦਿਆਰਥੀ ਸਕੂਲ ਕਮੇਟੀ
ਮਿਸੀਸਾਗਾ ਦੇ ਵਿਅਕਤੀ ਦੀ ਭਾਲ ਕਰ ਰਹੀ ਹੈ ਪੁਲਿਸ
ਪੰਜਾਬੀ ਪੋਸਟ ਖ਼ਬਰ ਵੇਰਵਾ ਪਾਠ ਸਮੱਗਰੀ ਟੋਰਾਂਟੋ ਬਰੈਂਪਟਨ ਕੈਨੇਡਾ ਸਰਕਾਰ ਸਿਹਤ ਮੰਤਰੀ ਪੁਲਿਸ ਅਦਾਲਤ ਵਿਦਿਆਰਥੀ ਸਕੂਲ ਕਮੇਟੀ ਪੰਜਾਬੀ ਪੋਸਟ ਖ਼ਬਰ ਵੇਰਵਾ ਪਾਠ ਸਮੱਗਰੀ ਟੋਰਾਂਟੋ ਬਰੈਂਪਟਨ ਕੈਨੇਡਾ ਸਰਕਾਰ ਸਿਹਤ ਮੰਤਰੀ ਪੁਲਿਸ ਅਦਾਲਤ ਵਿਦਿਆਰਥੀ ਸਕੂਲ ਕਮੇਟੀ ਪੰਜਾਬੀ ਪੋਸਟ ਖ਼ਬਰ ਵੇਰਵਾ ਪਾਠ ਸਮੱਗਰੀ ਟੋਰਾਂਟੋ ਬਰੈਂਪਟਨ ਕੈਨੇਡਾ ਸਰਕਾਰ ਸਿਹਤ ਮੰਤਰੀ ਪੁਲਿਸ ਅਦਾਲਤ ਵਿਦਿਆਰਥੀ ਸਕੂਲ ਕਮੇਟੀ ਪੰਜਾਬੀ ਪੋਸਟ ਖ਼ਬਰ ਵੇਰਵਾ ਪਾਠ ਸਮੱਗਰੀ ਟੋਰਾਂਟੋ ਬਰੈਂਪਟਨ ਕੈਨੇਡਾ ਸਰਕਾਰ ਸਿਹਤ ਮੰਤਰੀ ਪੁਲਿਸ ਅਦਾਲਤ ਵਿਦਿਆਰਥੀ ਸਕੂਲ ਕਮੇਟੀ ਪੰਜਾਬੀ ਪੋਸਟ ਖ਼ਬਰ ਵੇਰਵਾ ਪਾਠ ਸਮੱਗਰੀ ਟੋਰਾਂਟੋ ਬਰੈਂਪਟਨ ਕੈਨੇਡਾ ਸਰਕਾਰ ਸਿਹਤ ਮੰਤਰੀ ਪੁਲਿਸ ਅਦਾਲਤ ਵਿਦਿਆਰਥੀ ਸਕੂਲ ਕਮੇਟੀ ਪੰਜਾਬੀ ਪੋਸਟ ਖ਼ਬਰ ਵੇਰਵਾ ਪਾਠ ਸਮੱਗਰੀ ਟੋਰਾਂਟੋ ਬਰੈਂਪਟਨ ਕੈਨੇਡਾ ਸਰਕਾਰ ਸਿਹਤ ਮੰਤਰੀ ਪੁਲਿਸ ਅਦਾਲਤ ਵਿਦਿਆਰਥੀ ਸਕੂਲ ਕਮੇਟੀ ਪੰਜਾਬੀ ਪੋਸਟ ਖ਼ਬਰ ਵੇਰਵਾ ਪਾਠ ਸਮੱਗਰੀ ਟੋਰਾਂਟੋ ਬਰੈਂਪਟਨ ਕੈਨੇਡਾ ਸਰਕਾਰ ਸਿਹਤ ਮੰਤਰੀ ਪੁਲਿਸ ਅਦਾਲਤ ਵਿਦਿਆਰਥੀ ਸਕੂਲ ਕਮੇਟੀ
ਪੰਜਾਬੀ ਪੋਸਟ ਖ਼ਬਰ ਵੇਰਵਾ ਪਾਠ ਸਮੱਗਰੀ ਟੋਰਾਂਟੋ ਬਰੈਂਪਟਨ ਕੈਨੇਡਾ ਸਰਕਾਰ ਸਿਹਤ ਮੰਤਰੀ ਪੁਲਿਸ ਅਦਾਲਤ ਵਿਦਿਆਰਥੀ ਸਕੂਲ ਕਮੇਟੀ ਪੰਜਾਬੀ ਪੋਸਟ ਖ਼ਬਰ ਵੇਰਵਾ ਪਾਠ ਸਮੱਗਰੀ ਟੋਰਾਂਟੋ ਬਰੈਂਪਟਨ ਕੈਨੇਡਾ ਸਰਕਾਰ ਸਿਹਤ ਮੰਤਰੀ ਪੁਲਿਸ ਅਦਾਲਤ ਵਿਦਿਆਰਥੀ ਸਕੂਲ ਕਮੇਟੀ ਪੰਜਾਬੀ ਪੋਸਟ ਖ਼ਬਰ ਵੇਰਵਾ ਪਾਠ ਸਮੱਗਰੀ ਟੋਰਾਂਟੋ ਬਰੈਂਪਟਨ ਕੈਨੇਡਾ ਸਰਕਾਰ ਸਿਹਤ ਮੰਤਰੀ ਪੁਲਿਸ ਅਦਾਲਤ ਵਿਦਿਆਰਥੀ ਸਕੂਲ ਕਮੇਟੀ ਪੰਜਾਬੀ ਪੋਸਟ ਖ਼ਬਰ ਵੇਰਵਾ ਪਾਠ ਸਮੱਗਰੀ ਟੋਰਾਂਟੋ ਬਰੈਂਪਟਨ ਕੈਨੇਡਾ ਸਰਕਾਰ ਸਿਹਤ ਮੰਤਰੀ ਪੁਲਿਸ ਅਦਾਲਤ ਵਿਦਿਆਰਥੀ ਸਕੂਲ ਕਮੇਟੀ ਪੰਜਾਬੀ ਪੋਸਟ ਖ਼ਬਰ ਵੇਰਵਾ ਪਾਠ ਸਮੱਗਰੀ ਟੋਰਾਂਟੋ ਬਰੈਂਪਟਨ ਕੈਨੇਡਾ ਸਰਕਾਰ ਸਿਹਤ ਮੰਤਰੀ ਪੁਲਿਸ ਅਦਾਲਤ ਵਿਦਿਆਰਥੀ ਸਕੂਲ ਕਮੇਟੀ ਪੰਜਾਬੀ ਪੋਸਟ ਖ਼ਬਰ ਵੇਰਵਾ ਪਾਠ ਸਮੱਗਰੀ ਟੋਰਾਂਟੋ ਬਰੈਂਪਟਨ ਕੈਨੇਡਾ ਸਰਕਾਰ ਸਿਹਤ ਮੰਤਰੀ ਪੁਲਿਸ ਅਦਾਲਤ ਵਿਦਿਆਰਥੀ ਸਕੂਲ ਕਮੇਟੀ ਪੰਜਾਬੀ ਪੋਸਟ ਖ਼ਬਰ ਵੇਰਵਾ ਪਾਠ ਸਮੱਗਰੀ ਟੋਰਾਂਟੋ ਬਰੈਂਪਟਨ ਕੈਨੇਡਾ ਸਰਕਾਰ ਸਿਹਤ ਮੰਤਰੀ ਪੁਲਿਸ ਅਦਾਲਤ ਵਿਦਿਆਰਥੀ ਸਕੂਲ ਕਮੇਟੀ
ਪੰਜਾਬੀ ਪੋਸਟ ਖ਼ਬਰ ਵੇਰਵਾ ਪਾਠ ਸਮੱਗਰੀ ਟੋਰਾਂਟੋ ਬਰੈਂਪਟਨ ਕੈਨੇਡਾ ਸਰਕਾਰ ਸਿਹਤ ਮੰਤਰੀ ਪੁਲਿਸ ਅਦਾਲਤ ਵਿਦਿਆਰਥੀ ਸਕੂਲ ਕਮੇਟੀ ਪੰਜਾਬੀ ਪੋਸਟ ਖ਼ਬਰ ਵੇਰਵਾ ਪਾਠ ਸਮੱਗਰੀ ਟੋਰਾਂਟੋ ਬਰੈਂਪਟਨ ਕੈਨੇਡਾ ਸਰਕਾਰ ਸਿਹਤ ਮੰਤਰੀ ਪੁਲਿਸ ਅਦਾਲਤ ਵਿਦਿਆਰਥੀ ਸਕੂਲ ਕਮੇਟੀ ਪੰਜਾਬੀ ਪੋਸਟ ਖ਼ਬਰ ਵੇਰਵਾ ਪਾਠ ਸਮੱਗਰੀ ਟੋਰਾਂਟੋ ਬਰੈਂਪਟਨ ਕੈਨੇਡਾ ਸਰਕਾਰ ਸਿਹਤ ਮੰਤਰੀ ਪੁਲਿਸ ਅਦਾਲਤ ਵਿਦਿਆਰਥੀ ਸਕੂਲ ਕਮੇਟੀ ਪੰਜਾਬੀ ਪੋਸਟ ਖ਼ਬਰ ਵੇਰਵਾ ਪਾਠ ਸਮੱਗਰੀ ਟੋਰਾਂਟੋ ਬਰੈਂਪਟਨ ਕੈਨੇਡਾ ਸਰਕਾਰ ਸਿਹਤ ਮੰਤਰੀ ਪੁਲਿਸ ਅਦਾਲਤ ਵਿਦਿਆਰਥੀ ਸਕੂਲ ਕਮੇਟੀ ਪੰਜਾਬੀ ਪੋਸਟ ਖ਼ਬਰ ਵੇਰਵਾ ਪਾਠ ਸਮੱਗਰੀ ਟੋਰਾਂਟੋ ਬਰੈਂਪਟਨ ਕੈਨੇਡਾ ਸਰਕਾਰ ਸਿਹਤ ਮੰਤਰੀ ਪੁਲਿਸ ਅਦਾਲਤ ਵਿਦਿਆਰਥੀ ਸਕੂਲ ਕਮੇਟੀ ਪੰਜਾਬੀ ਪੋਸਟ ਖ਼ਬਰ ਵੇਰਵਾ ਪਾਠ ਸਮੱਗਰੀ ਟੋਰਾਂਟੋ ਬਰੈਂਪਟਨ ਕੈਨੇਡਾ ਸਰਕਾਰ ਸਿਹਤ ਮੰਤਰੀ ਪੁਲਿਸ ਅਦਾਲਤ ਵਿਦਿਆਰਥੀ ਸਕੂਲ ਕਮੇਟੀ ਪੰਜਾਬੀ ਪੋਸਟ ਖ਼ਬਰ ਵੇਰਵਾ ਪਾਠ ਸਮੱਗਰੀ ਟੋਰਾਂਟੋ ਬਰੈਂਪਟਨ ਕੈਨੇਡਾ ਸਰਕਾਰ ਸਿਹਤ ਮੰਤਰੀ ਪੁਲਿਸ ਅਦਾਲਤ ਵਿਦਿਆਰਥੀ ਸਕੂਲ ਕਮੇਟੀ
ਫਰਾਰ ਕੈਦੀ ਨੂੰ ਫੜਨ ਲਈ ਪੁਲਿਸ ਨੇ ਮੰਗੀ ਮਦਦ
ਪੰਜਾਬੀ ਪੋਸਟ ਖ਼ਬਰ ਵੇਰਵਾ ਪਾਠ ਸਮੱਗਰੀ ਟੋਰਾਂਟੋ ਬਰੈਂਪਟਨ ਕੈਨੇਡਾ ਸਰਕਾਰ ਸਿਹਤ ਮੰਤਰੀ ਪੁਲਿਸ ਅਦਾਲਤ ਵਿਦਿਆਰਥੀ ਸਕੂਲ ਕਮੇਟੀ ਪੰਜਾਬੀ ਪੋਸਟ ਖ਼ਬਰ ਵੇਰਵਾ ਪਾਠ ਸਮੱਗਰੀ ਟੋਰਾਂਟੋ ਬਰੈਂਪਟਨ ਕੈਨੇਡਾ ਸਰਕਾਰ ਸਿਹਤ ਮੰਤਰੀ ਪੁਲਿਸ ਅਦਾਲਤ ਵਿਦਿਆਰਥੀ ਸਕੂਲ ਕਮੇਟੀ ਪੰਜਾਬੀ ਪੋਸਟ ਖ਼ਬਰ ਵੇਰਵਾ ਪਾਠ ਸਮੱਗਰੀ ਟੋਰਾਂਟੋ ਬਰੈਂਪਟਨ ਕੈਨੇਡਾ ਸਰਕਾਰ ਸਿਹਤ ਮੰਤਰੀ ਪੁਲਿਸ ਅਦਾਲਤ ਵਿਦਿਆਰਥੀ ਸਕੂਲ ਕਮੇਟੀ ਪੰਜਾਬੀ ਪੋਸਟ ਖ਼ਬਰ ਵੇਰਵਾ ਪਾਠ ਸਮੱਗਰੀ ਟੋਰਾਂਟੋ ਬਰੈਂਪਟਨ ਕੈਨੇਡਾ ਸਰਕਾਰ ਸਿਹਤ ਮੰਤਰੀ ਪੁਲਿਸ ਅਦਾਲਤ ਵਿਦਿਆਰਥੀ ਸਕੂਲ ਕਮੇਟੀ ਪੰਜਾਬੀ ਪੋਸਟ ਖ਼ਬਰ ਵੇਰਵਾ ਪਾਠ ਸਮੱਗਰੀ ਟੋਰਾਂਟੋ ਬਰੈਂਪਟਨ ਕੈਨੇਡਾ ਸਰਕਾਰ ਸਿਹਤ ਮੰਤਰੀ ਪੁਲਿਸ ਅਦਾਲਤ ਵਿਦਿਆਰਥੀ ਸਕੂਲ ਕਮੇਟੀ ਪੰਜਾਬੀ ਪੋਸਟ ਖ਼ਬਰ ਵੇਰਵਾ ਪਾਠ ਸਮੱਗਰੀ ਟੋਰਾਂਟੋ ਬਰੈਂਪਟਨ ਕੈਨੇਡਾ ਸਰਕਾਰ ਸਿਹਤ ਮੰਤਰੀ ਪੁਲਿਸ ਅਦਾਲਤ ਵਿਦਿਆਰਥੀ ਸਕੂਲ ਕਮੇਟੀ ਪੰਜਾਬੀ ਪੋਸਟ ਖ਼ਬਰ ਵੇਰਵਾ ਪਾਠ ਸਮੱਗਰੀ ਟੋਰਾਂਟੋ ਬਰੈਂਪਟਨ ਕੈਨੇਡਾ ਸਰਕਾਰ ਸਿਹਤ ਮੰਤਰੀ ਪੁਲਿਸ ਅਦਾਲਤ ਵਿਦਿਆਰਥੀ ਸਕੂਲ ਕਮੇਟੀ
ਪੰਜਾਬੀ ਪੋਸਟ ਖ਼ਬਰ ਵੇਰਵਾ ਪਾਠ ਸਮੱਗਰੀ ਟੋਰਾਂਟੋ ਬਰੈਂਪਟਨ ਕੈਨੇਡਾ ਸਰਕਾਰ ਸਿਹਤ ਮੰਤਰੀ ਪੁਲਿਸ ਅਦਾਲਤ ਵਿਦਿਆਰਥੀ ਸਕੂਲ ਕਮੇਟੀ ਪੰਜਾਬੀ ਪੋਸਟ ਖ਼ਬਰ ਵੇਰਵਾ ਪਾਠ ਸਮੱਗਰੀ ਟੋਰਾਂਟੋ ਬਰੈਂਪਟਨ ਕੈਨੇਡਾ ਸਰਕਾਰ ਸਿਹਤ ਮੰਤਰੀ ਪੁਲਿਸ ਅਦਾਲਤ ਵਿਦਿਆਰਥੀ ਸਕੂਲ ਕਮੇਟੀ ਪੰਜਾਬੀ ਪੋਸਟ ਖ਼ਬਰ ਵੇਰਵਾ ਪਾਠ ਸਮੱਗਰੀ ਟੋਰਾਂਟੋ ਬਰੈਂਪਟਨ ਕੈਨੇਡਾ ਸਰਕਾਰ ਸਿਹਤ ਮੰਤਰੀ ਪੁਲਿਸ ਅਦਾਲਤ ਵਿਦਿਆਰਥੀ ਸਕੂਲ ਕਮੇਟੀ ਪੰਜਾਬੀ ਪੋਸਟ ਖ਼ਬਰ ਵੇਰਵਾ ਪਾਠ ਸਮੱਗਰੀ ਟੋਰਾਂਟੋ ਬਰੈਂਪਟਨ ਕੈਨੇਡਾ ਸਰਕਾਰ ਸਿਹਤ ਮੰਤਰੀ ਪੁਲਿਸ ਅਦਾਲਤ ਵਿਦਿਆਰਥੀ ਸਕੂਲ ਕਮੇਟੀ ਪੰਜਾਬੀ ਪੋਸਟ ਖ਼ਬਰ ਵੇਰਵਾ ਪਾਠ ਸਮੱਗਰੀ ਟੋਰਾਂਟੋ ਬਰੈਂਪਟਨ ਕੈਨੇਡਾ ਸਰਕਾਰ ਸਿਹਤ ਮੰਤਰੀ ਪੁਲਿਸ ਅਦਾਲਤ ਵਿਦਿਆਰਥੀ ਸਕੂਲ ਕਮੇਟੀ ਪੰਜਾਬੀ ਪੋਸਟ ਖ਼ਬਰ ਵੇਰਵਾ ਪਾਠ ਸਮੱਗਰੀ ਟੋਰਾਂਟੋ ਬਰੈਂਪਟਨ ਕੈਨੇਡਾ ਸਰਕਾਰ ਸਿਹਤ ਮੰਤਰੀ ਪੁਲਿਸ ਅਦਾਲਤ ਵਿਦਿਆਰਥੀ ਸਕੂਲ ਕਮੇਟੀ ਪੰਜਾਬੀ ਪੋਸਟ ਖ਼ਬਰ ਵੇਰਵਾ ਪਾਠ ਸਮੱਗਰੀ ਟੋਰਾਂਟੋ ਬਰੈਂਪਟਨ ਕੈਨੇਡਾ ਸਰਕਾਰ ਸਿਹਤ ਮੰਤਰੀ ਪੁਲਿਸ ਅਦਾਲਤ ਵਿਦਿਆਰਥੀ ਸਕੂਲ ਕਮੇਟੀ
ਗ੍ਰਹਿ ਸਕੱਤਰ ਨੇ ਫੈਡਰਲ ਸਰਕਾਰ ਤੋਂ ਆਰਥਿਕ ਸਹਾਇਤਾ ਦੀ ਕੀਤੀ ਮੰਗ
ਪੰਜਾਬੀ ਪੋਸਟ ਖ਼ਬਰ ਵੇਰਵਾ ਪਾਠ ਸਮੱਗਰੀ ਟੋਰਾਂਟੋ ਬਰੈਂਪਟਨ ਕੈਨੇਡਾ ਸਰਕਾਰ ਸਿਹਤ ਮੰਤਰੀ ਪੁਲਿਸ ਅਦਾਲਤ ਵਿਦਿਆਰਥੀ ਸਕੂਲ ਕਮੇਟੀ ਪੰਜਾਬੀ ਪੋਸਟ ਖ਼ਬਰ ਵੇਰਵਾ ਪਾਠ ਸਮੱਗਰੀ ਟੋਰਾਂਟੋ ਬਰੈਂਪਟਨ ਕੈਨੇਡਾ ਸਰਕਾਰ ਸਿਹਤ ਮੰਤਰੀ ਪੁਲਿਸ ਅਦਾਲਤ ਵਿਦਿਆਰਥੀ ਸਕੂਲ ਕਮੇਟੀ ਪੰਜਾਬੀ ਪੋਸਟ ਖ਼ਬਰ ਵੇਰਵਾ ਪਾਠ ਸਮੱਗਰੀ ਟੋਰਾਂਟੋ ਬਰੈਂਪਟਨ ਕੈਨੇਡਾ ਸਰਕਾਰ ਸਿਹਤ ਮੰਤਰੀ ਪੁਲਿਸ ਅਦਾਲਤ ਵਿਦਿਆਰਥੀ ਸਕੂਲ ਕਮੇਟੀ ਪੰਜਾਬੀ ਪੋਸਟ ਖ਼ਬਰ ਵੇਰਵਾ ਪਾਠ ਸਮੱਗਰੀ ਟੋਰਾਂਟੋ ਬਰੈਂਪਟਨ ਕੈਨੇਡਾ ਸਰਕਾਰ ਸਿਹਤ ਮੰਤਰੀ ਪੁਲਿਸ ਅਦਾਲਤ ਵਿਦਿਆਰਥੀ ਸਕੂਲ ਕਮੇਟੀ ਪੰਜਾਬੀ ਪੋਸਟ ਖ਼ਬਰ ਵੇਰਵਾ ਪਾਠ ਸਮੱਗਰੀ ਟੋਰਾਂਟੋ ਬਰੈਂਪਟਨ ਕੈਨੇਡਾ ਸਰਕਾਰ ਸਿਹਤ ਮੰਤਰੀ ਪੁਲਿਸ ਅਦਾਲਤ ਵਿਦਿਆਰਥੀ ਸਕੂਲ ਕਮੇਟੀ ਪੰਜਾਬੀ ਪੋਸਟ ਖ਼ਬਰ ਵੇਰਵਾ ਪਾਠ ਸਮੱਗਰੀ ਟੋਰਾਂਟੋ ਬਰੈਂਪਟਨ ਕੈਨੇਡਾ ਸਰਕਾਰ ਸਿਹਤ ਮੰਤਰੀ ਪੁਲਿਸ ਅਦਾਲਤ ਵਿਦਿਆਰਥੀ ਸਕੂਲ ਕਮੇਟੀ ਪੰਜਾਬੀ ਪੋਸਟ ਖ਼ਬਰ ਵੇਰਵਾ ਪਾਠ ਸਮੱਗਰੀ ਟੋਰਾਂਟੋ ਬਰੈਂਪਟਨ ਕੈਨੇਡਾ ਸਰਕਾਰ ਸਿਹਤ ਮੰਤਰੀ ਪੁਲਿਸ ਅਦਾਲਤ ਵਿਦਿਆਰਥੀ ਸਕੂਲ ਕਮੇਟੀ
ਪੰਜਾਬੀ ਪੋਸਟ ਖ਼ਬਰ ਵੇਰਵਾ ਪਾਠ ਸਮੱਗਰੀ ਟੋਰਾਂਟੋ ਬਰੈਂਪਟਨ ਕੈਨੇਡਾ ਸਰਕਾਰ ਸਿਹਤ ਮੰਤਰੀ ਪੁਲਿਸ ਅਦਾਲਤ ਵਿਦਿਆਰਥੀ ਸਕੂਲ ਕਮੇਟੀ ਪੰਜਾਬੀ ਪੋਸਟ ਖ਼ਬਰ ਵੇਰਵਾ ਪਾਠ ਸਮੱਗਰੀ ਟੋਰਾਂਟੋ ਬਰੈਂਪਟਨ ਕੈਨੇਡਾ ਸਰਕਾਰ ਸਿਹਤ ਮੰਤਰੀ ਪੁਲਿਸ ਅਦਾਲਤ ਵਿਦਿਆਰਥੀ ਸਕੂਲ ਕਮੇਟੀ ਪੰਜਾਬੀ ਪੋਸਟ ਖ਼ਬਰ ਵੇਰਵਾ ਪਾਠ ਸਮੱਗਰੀ ਟੋਰਾਂਟੋ ਬਰੈਂਪਟਨ ਕੈਨੇਡਾ ਸਰਕਾਰ ਸਿਹਤ ਮੰਤਰੀ ਪੁਲਿਸ ਅਦਾਲਤ ਵਿਦਿਆਰਥੀ ਸਕੂਲ ਕਮੇਟੀ ਪੰਜਾਬੀ ਪੋਸਟ ਖ਼ਬਰ ਵੇਰਵਾ ਪਾਠ ਸਮੱਗਰੀ ਟੋਰਾਂਟੋ ਬਰੈਂਪਟਨ ਕੈਨੇਡਾ ਸਰਕਾਰ ਸਿਹਤ ਮੰਤਰੀ ਪੁਲਿਸ ਅਦਾਲਤ ਵਿਦਿਆਰਥੀ ਸਕੂਲ ਕਮੇਟੀ ਪੰਜਾਬੀ ਪੋਸਟ ਖ਼ਬਰ ਵੇਰਵਾ ਪਾਠ ਸਮੱਗਰੀ ਟੋਰਾਂਟੋ ਬਰੈਂਪਟਨ ਕੈਨੇਡਾ ਸਰਕਾਰ ਸਿਹਤ ਮੰਤਰੀ ਪੁਲਿਸ ਅਦਾਲਤ ਵਿਦਿਆਰਥੀ ਸਕੂਲ ਕਮੇਟੀ ਪੰਜਾਬੀ ਪੋਸਟ ਖ਼ਬਰ ਵੇਰਵਾ ਪਾਠ ਸਮੱਗਰੀ ਟੋਰਾਂਟੋ ਬਰੈਂਪਟਨ ਕੈਨੇਡਾ ਸਰਕਾਰ ਸਿਹਤ ਮੰਤਰੀ ਪੁਲਿਸ ਅਦਾਲਤ ਵਿਦਿਆਰਥੀ ਸਕੂਲ ਕਮੇਟੀ ਪੰਜਾਬੀ ਪੋਸਟ ਖ਼ਬਰ ਵੇਰਵਾ ਪਾਠ ਸਮੱਗਰੀ ਟੋਰਾਂਟੋ ਬਰੈਂਪਟਨ ਕੈਨੇਡਾ ਸਰਕਾਰ ਸਿਹਤ ਮੰਤਰੀ ਪੁਲਿਸ ਅਦਾਲਤ ਵਿਦਿਆਰਥੀ ਸਕੂਲ ਕਮੇਟੀ
ਈਰਾਨ 'ਚ ਅੱਤਵਾਦੀ ਹਮਲਾ, 27 ਮੌਤਾਂ, ਸਰਕਾਰੀ ਅਧਿਕਾਰੀਆਂ 'ਚ 11 ਸੁਰੱਖਿਆ ਕਰਮੀ ਵੀ
ਪੰਜਾਬੀ ਪੋਸਟ ਖ਼ਬਰ ਵੇਰਵਾ ਪਾਠ ਸਮੱਗਰੀ ਟੋਰਾਂਟੋ ਬਰੈਂਪਟਨ ਕੈਨੇਡਾ ਸਰਕਾਰ ਸਿਹਤ ਮੰਤਰੀ ਪੁਲਿਸ ਅਦਾਲਤ ਵਿਦਿਆਰਥੀ ਸਕੂਲ ਕਮੇਟੀ ਪੰਜਾਬੀ ਪੋਸਟ ਖ਼ਬਰ ਵੇਰਵਾ ਪਾਠ ਸਮੱਗਰੀ ਟੋਰਾਂਟੋ ਬਰੈਂਪਟਨ ਕੈਨੇਡਾ ਸਰਕਾਰ ਸਿਹਤ ਮੰਤਰੀ ਪੁਲਿਸ ਅਦਾਲਤ ਵਿਦਿਆਰਥੀ ਸਕੂਲ ਕਮੇਟੀ ਪੰਜਾਬੀ ਪੋਸਟ ਖ਼ਬਰ ਵੇਰਵਾ ਪਾਠ ਸਮੱਗਰੀ ਟੋਰਾਂਟੋ ਬਰੈਂਪਟਨ ਕੈਨੇਡਾ ਸਰਕਾਰ ਸਿਹਤ ਮੰਤਰੀ ਪੁਲਿਸ ਅਦਾਲਤ ਵਿਦਿਆਰਥੀ ਸਕੂਲ ਕਮੇਟੀ ਪੰਜਾਬੀ ਪੋਸਟ ਖ਼ਬਰ ਵੇਰਵਾ ਪਾਠ ਸਮੱਗਰੀ ਟੋਰਾਂਟੋ ਬਰੈਂਪਟਨ ਕੈਨੇਡਾ ਸਰਕਾਰ ਸਿਹਤ ਮੰਤਰੀ ਪੁਲਿਸ ਅਦਾਲਤ ਵਿਦਿਆਰਥੀ ਸਕੂਲ ਕਮੇਟੀ ਪੰਜਾਬੀ ਪੋਸਟ ਖ਼ਬਰ ਵੇਰਵਾ ਪਾਠ ਸਮੱਗਰੀ ਟੋਰਾਂਟੋ ਬਰੈਂਪਟਨ ਕੈਨੇਡਾ ਸਰਕਾਰ ਸਿਹਤ ਮੰਤਰੀ ਪੁਲਿਸ ਅਦਾਲਤ ਵਿਦਿਆਰਥੀ ਸਕੂਲ ਕਮੇਟੀ ਪੰਜਾਬੀ ਪੋਸਟ ਖ਼ਬਰ ਵੇਰਵਾ ਪਾਠ ਸਮੱਗਰੀ ਟੋਰਾਂਟੋ ਬਰੈਂਪਟਨ ਕੈਨੇਡਾ ਸਰਕਾਰ ਸਿਹਤ ਮੰਤਰੀ ਪੁਲਿਸ ਅਦਾਲਤ ਵਿਦਿਆਰਥੀ ਸਕੂਲ ਕਮੇਟੀ ਪੰਜਾਬੀ ਪੋਸਟ ਖ਼ਬਰ ਵੇਰਵਾ ਪਾਠ ਸਮੱਗਰੀ ਟੋਰਾਂਟੋ ਬਰੈਂਪਟਨ ਕੈਨੇਡਾ ਸਰਕਾਰ ਸਿਹਤ ਮੰਤਰੀ ਪੁਲਿਸ ਅਦਾਲਤ ਵਿਦਿਆਰਥੀ ਸਕੂਲ ਕਮੇਟੀ
ਪੰਜਾਬੀ ਪੋਸਟ ਖ਼ਬਰ ਵੇਰਵਾ ਪਾਠ ਸਮੱਗਰੀ ਟੋਰਾਂਟੋ ਬਰੈਂਪਟਨ ਕੈਨੇਡਾ ਸਰਕਾਰ ਸਿਹਤ ਮੰਤਰੀ ਪੁਲਿਸ ਅਦਾਲਤ ਵਿਦਿਆਰਥੀ ਸਕੂਲ ਕਮੇਟੀ ਪੰਜਾਬੀ ਪੋਸਟ ਖ਼ਬਰ ਵੇਰਵਾ ਪਾਠ ਸਮੱਗਰੀ ਟੋਰਾਂਟੋ ਬਰੈਂਪਟਨ ਕੈਨੇਡਾ ਸਰਕਾਰ ਸਿਹਤ ਮੰਤਰੀ ਪੁਲਿਸ ਅਦਾਲਤ ਵਿਦਿਆਰਥੀ ਸਕੂਲ ਕਮੇਟੀ ਪੰਜਾਬੀ ਪੋਸਟ ਖ਼ਬਰ ਵੇਰਵਾ ਪਾਠ ਸਮੱਗਰੀ ਟੋਰਾਂਟੋ ਬਰੈਂਪਟਨ ਕੈਨੇਡਾ ਸਰਕਾਰ ਸਿਹਤ ਮੰਤਰੀ ਪੁਲਿਸ ਅਦਾਲਤ ਵਿਦਿਆਰਥੀ ਸਕੂਲ ਕਮੇਟੀ ਪੰਜਾਬੀ ਪੋਸਟ ਖ਼ਬਰ ਵੇਰਵਾ ਪਾਠ ਸਮੱਗਰੀ ਟੋਰਾਂਟੋ ਬਰੈਂਪਟਨ ਕੈਨੇਡਾ ਸਰਕਾਰ ਸਿਹਤ ਮੰਤਰੀ ਪੁਲਿਸ ਅਦਾਲਤ ਵਿਦਿਆਰਥੀ ਸਕੂਲ ਕਮੇਟੀ ਪੰਜਾਬੀ ਪੋਸਟ ਖ਼ਬਰ ਵੇਰਵਾ ਪਾਠ ਸਮੱਗਰੀ ਟੋਰਾਂਟੋ ਬਰੈਂਪਟਨ ਕੈਨੇਡਾ ਸਰਕਾਰ ਸਿਹਤ ਮੰਤਰੀ ਪੁਲਿਸ ਅਦਾਲਤ ਵਿਦਿਆਰਥੀ ਸਕੂਲ ਕਮੇਟੀ ਪੰਜਾਬੀ ਪੋਸਟ ਖ਼ਬਰ ਵੇਰਵਾ ਪਾਠ ਸਮੱਗਰੀ ਟੋਰਾਂਟੋ ਬਰੈਂਪਟਨ ਕੈਨੇਡਾ ਸਰਕਾਰ ਸਿਹਤ ਮੰਤਰੀ ਪੁਲਿਸ ਅਦਾਲਤ ਵਿਦਿਆਰਥੀ ਸਕੂਲ ਕਮੇਟੀ ਪੰਜਾਬੀ ਪੋਸਟ ਖ਼ਬਰ ਵੇਰਵਾ ਪਾਠ ਸਮੱਗਰੀ ਟੋਰਾਂਟੋ ਬਰੈਂਪਟਨ ਕੈਨੇਡਾ ਸਰਕਾਰ ਸਿਹਤ ਮੰਤਰੀ ਪੁਲਿਸ ਅਦਾਲਤ ਵਿਦਿਆਰਥੀ ਸਕੂਲ ਕਮੇਟੀ
HELPING YOU PLAN TODAY...FOR TOMORROW
• Business Insurance
• Life / Mortgage Insurance
• Disability Insurance
• Critical Illness Insurance
• RESP / RRSP
JATINDERBIR S BAJWA
647-928-4990
KC Accounting
Tax Returns
Bookkeeping
Law Office of Avon Sharma
• Real Estate • Commercial Lease
• Business Purchase & Sale
• Notarization & Affidavits
• Wills & Power of Attorney
Tel: 905-963-2355	Avon Sharma
Royal Pest Control
Residential • Commercial • Industrial
Specialist In Bedbugs Service
416.938.4598
MANN LAW FIRM
Maninder S. Mann
ਪੰਜਾਬੀ ਪੋਸਟ ਖ਼ਬਰ ਵੇਰਵਾ ਪਾਠ ਸਮੱਗਰੀ ਟੋਰਾਂਟੋ ਬਰੈਂਪਟਨ ਕੈਨੇਡਾ ਸਰਕਾਰ ਸਿਹਤ ਮੰਤਰੀ ਪੁਲਿਸ ਅਦਾਲਤ ਵਿਦਿਆਰਥੀ ਸਕੂਲ ਕਮੇਟੀ ਪੰਜਾਬੀ ਪੋਸਟ ਖ਼ਬਰ ਵੇਰਵਾ ਪਾਠ ਸਮੱਗਰੀ ਟੋਰਾਂਟੋ ਬਰੈਂਪਟਨ ਕੈਨੇਡਾ ਸਰਕਾਰ ਸਿਹਤ ਮੰਤਰੀ ਪੁਲਿਸ ਅਦਾਲਤ ਵਿਦਿਆਰਥੀ ਸਕੂਲ ਕਮੇਟੀ ਪੰਜਾਬੀ ਪੋਸਟ ਖ਼ਬਰ ਵੇਰਵਾ ਪਾਠ ਸਮੱਗਰੀ ਟੋਰਾਂਟੋ ਬਰੈਂਪਟਨ ਕੈਨੇਡਾ ਸਰਕਾਰ ਸਿਹਤ ਮੰਤਰੀ ਪੁਲਿਸ ਅਦਾਲਤ ਵਿਦਿਆਰਥੀ ਸਕੂਲ ਕਮੇਟੀ ਪੰਜਾਬੀ ਪੋਸਟ ਖ਼ਬਰ ਵੇਰਵਾ ਪਾਠ ਸਮੱਗਰੀ ਟੋਰਾਂਟੋ ਬਰੈਂਪਟਨ ਕੈਨੇਡਾ ਸਰਕਾਰ ਸਿਹਤ ਮੰਤਰੀ ਪੁਲਿਸ ਅਦਾਲਤ ਵਿਦਿਆਰਥੀ ਸਕੂਲ ਕਮੇਟੀ ਪੰਜਾਬੀ ਪੋਸਟ ਖ਼ਬਰ ਵੇਰਵਾ ਪਾਠ ਸਮੱਗਰੀ ਟੋਰਾਂਟੋ ਬਰੈਂਪਟਨ ਕੈਨੇਡਾ ਸਰਕਾਰ ਸਿਹਤ ਮੰਤਰੀ ਪੁਲਿਸ ਅਦਾਲਤ ਵਿਦਿਆਰਥੀ ਸਕੂਲ ਕਮੇਟੀ ਪੰਜਾਬੀ ਪੋਸਟ ਖ਼ਬਰ ਵੇਰਵਾ ਪਾਠ ਸਮੱਗਰੀ ਟੋਰਾਂਟੋ ਬਰੈਂਪਟਨ ਕੈਨੇਡਾ ਸਰਕਾਰ ਸਿਹਤ ਮੰਤਰੀ ਪੁਲਿਸ ਅਦਾਲਤ ਵਿਦਿਆਰਥੀ ਸਕੂਲ ਕਮੇਟੀ ਪੰਜਾਬੀ ਪੋਸਟ ਖ਼ਬਰ ਵੇਰਵਾ ਪਾਠ ਸਮੱਗਰੀ ਟੋਰਾਂਟੋ ਬਰੈਂਪਟਨ ਕੈਨੇਡਾ ਸਰਕਾਰ ਸਿਹਤ ਮੰਤਰੀ ਪੁਲਿਸ ਅਦਾਲਤ ਵਿਦਿਆਰਥੀ ਸਕੂਲ ਕਮੇਟੀ
1: 905 799 8333
KELLEY LAW OFFICE
ਪੰਜਾਬੀ ਪੋਸਟ ਖ਼ਬਰ ਵੇਰਵਾ ਪਾਠ ਸਮੱਗਰੀ ਟੋਰਾਂਟੋ ਬਰੈਂਪਟਨ ਕੈਨੇਡਾ ਸਰਕਾਰ ਸਿਹਤ ਮੰਤਰੀ ਪੁਲਿਸ ਅਦਾਲਤ ਵਿਦਿਆਰਥੀ ਸਕੂਲ ਕਮੇਟੀ ਪੰਜਾਬੀ ਪੋਸਟ ਖ਼ਬਰ ਵੇਰਵਾ ਪਾਠ ਸਮੱਗਰੀ ਟੋਰਾਂਟੋ ਬਰੈਂਪਟਨ ਕੈਨੇਡਾ ਸਰਕਾਰ ਸਿਹਤ ਮੰਤਰੀ ਪੁਲਿਸ ਅਦਾਲਤ ਵਿਦਿਆਰਥੀ ਸਕੂਲ ਕਮੇਟੀ ਪੰਜਾਬੀ ਪੋਸਟ ਖ਼ਬਰ ਵੇਰਵਾ ਪਾਠ ਸਮੱਗਰੀ ਟੋਰਾਂਟੋ ਬਰੈਂਪਟਨ ਕੈਨੇਡਾ ਸਰਕਾਰ ਸਿਹਤ ਮੰਤਰੀ ਪੁਲਿਸ ਅਦਾਲਤ ਵਿਦਿਆਰਥੀ ਸਕੂਲ ਕਮੇਟੀ ਪੰਜਾਬੀ ਪੋਸਟ ਖ਼ਬਰ ਵੇਰਵਾ ਪਾਠ ਸਮੱਗਰੀ ਟੋਰਾਂਟੋ ਬਰੈਂਪਟਨ ਕੈਨੇਡਾ ਸਰਕਾਰ ਸਿਹਤ ਮੰਤਰੀ ਪੁਲਿਸ ਅਦਾਲਤ ਵਿਦਿਆਰਥੀ ਸਕੂਲ ਕਮੇਟੀ ਪੰਜਾਬੀ ਪੋਸਟ ਖ਼ਬਰ ਵੇਰਵਾ ਪਾਠ ਸਮੱਗਰੀ ਟੋਰਾਂਟੋ ਬਰੈਂਪਟਨ ਕੈਨੇਡਾ ਸਰਕਾਰ ਸਿਹਤ ਮੰਤਰੀ ਪੁਲਿਸ ਅਦਾਲਤ ਵਿਦਿਆਰਥੀ ਸਕੂਲ ਕਮੇਟੀ ਪੰਜਾਬੀ ਪੋਸਟ ਖ਼ਬਰ ਵੇਰਵਾ ਪਾਠ ਸਮੱਗਰੀ ਟੋਰਾਂਟੋ ਬਰੈਂਪਟਨ ਕੈਨੇਡਾ ਸਰਕਾਰ ਸਿਹਤ ਮੰਤਰੀ ਪੁਲਿਸ ਅਦਾਲਤ ਵਿਦਿਆਰਥੀ ਸਕੂਲ ਕਮੇਟੀ ਪੰਜਾਬੀ ਪੋਸਟ ਖ਼ਬਰ ਵੇਰਵਾ ਪਾਠ ਸਮੱਗਰੀ ਟੋਰਾਂਟੋ ਬਰੈਂਪਟਨ ਕੈਨੇਡਾ ਸਰਕਾਰ ਸਿਹਤ ਮੰਤਰੀ ਪੁਲਿਸ ਅਦਾਲਤ ਵਿਦਿਆਰਥੀ ਸਕੂਲ ਕਮੇਟੀ
Mortgage! We Will Beat Any Rate !!!
Purchase | Refinance | Major Banks | Credit Unions | Private
Lenders | 2nd Mortgages | Residential | Commercial
Cell: 416-841-4218 Tel: 905-216-5563
Avon Financial Harpreet Singh Sooraya
Canada Consumer Credit Assistance
ਜਜ਼ਬਾਤ	75%
416-502-3100
8 Bramalea Dr. West, Unit 25, Brampton, ON L6Y 3T9 | Ph: 905-799-2323 | Fax: 905-799-2394
